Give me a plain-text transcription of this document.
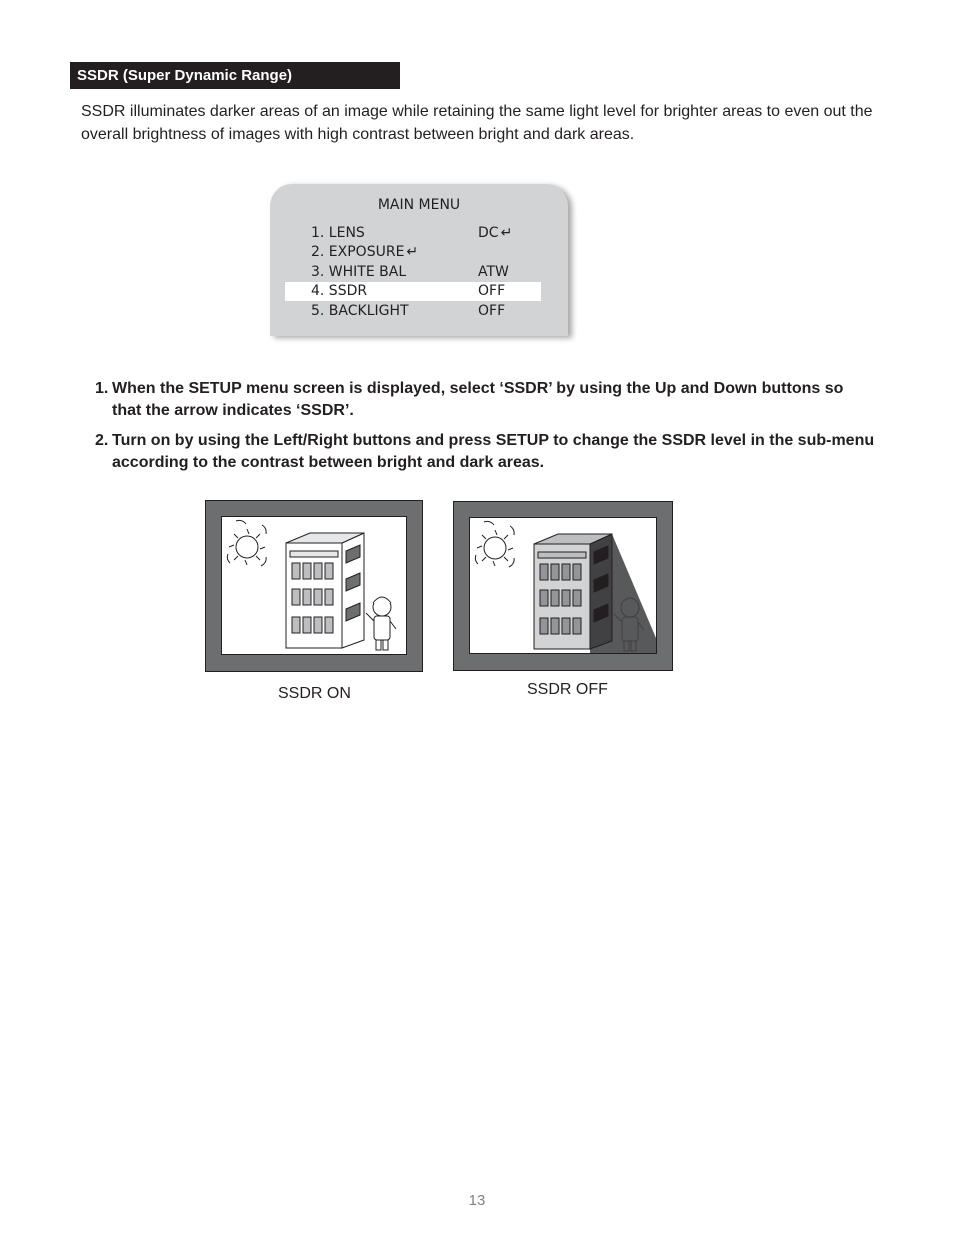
SSDR (Super Dynamic Range)

SSDR illuminates darker areas of an image while retaining the same light level for brighter areas to even out the overall brightness of images with high contrast between bright and dark areas.

MAIN MENU
1. LENS	DC ↵
2. EXPOSURE ↵
3. WHITE BAL	ATW
4. SSDR	OFF
5. BACKLIGHT	OFF
1. When the SETUP menu screen is displayed, select ‘SSDR’ by using the Up and Down buttons so that the arrow indicates ‘SSDR’.
2. Turn on by using the Left/Right buttons and press SETUP to change the SSDR level in the sub-menu according to the contrast between bright and dark areas.
SSDR ON	SSDR OFF
13
